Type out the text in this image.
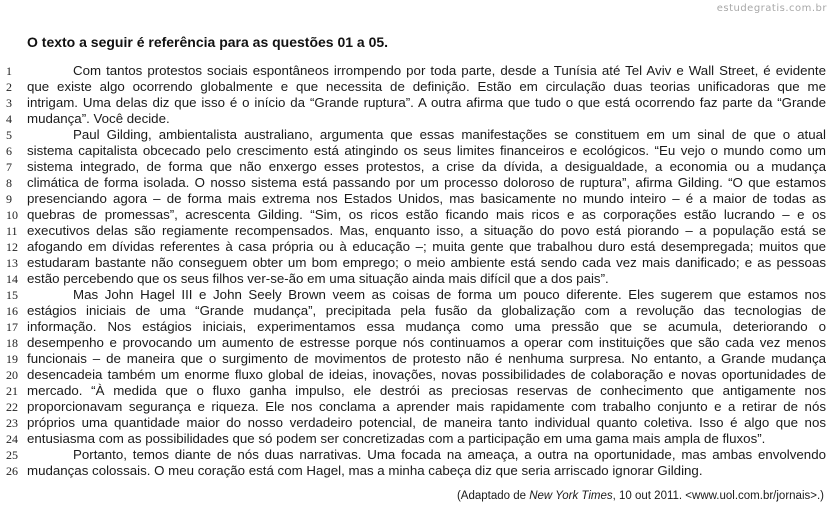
estudegratis.com.br
O texto a seguir é referência para as questões 01 a 05.
1
2
3
4
5
6
7
8
9
10
11
12
13
14
15
16
17
18
19
20
21
22
23
24
25
26
Com tantos protestos sociais espontâneos irrompendo por toda parte, desde a Tunísia até Tel Aviv e Wall Street, é evidente
que existe algo ocorrendo globalmente e que necessita de definição. Estão em circulação duas teorias unificadoras que me
intrigam. Uma delas diz que isso é o início da “Grande ruptura”. A outra afirma que tudo o que está ocorrendo faz parte da “Grande
mudança”. Você decide.
Paul Gilding, ambientalista australiano, argumenta que essas manifestações se constituem em um sinal de que o atual
sistema capitalista obcecado pelo crescimento está atingindo os seus limites financeiros e ecológicos. “Eu vejo o mundo como um
sistema integrado, de forma que não enxergo esses protestos, a crise da dívida, a desigualdade, a economia ou a mudança
climática de forma isolada. O nosso sistema está passando por um processo doloroso de ruptura”, afirma Gilding. “O que estamos
presenciando agora – de forma mais extrema nos Estados Unidos, mas basicamente no mundo inteiro – é a maior de todas as
quebras de promessas”, acrescenta Gilding. “Sim, os ricos estão ficando mais ricos e as corporações estão lucrando – e os
executivos delas são regiamente recompensados. Mas, enquanto isso, a situação do povo está piorando – a população está se
afogando em dívidas referentes à casa própria ou à educação –; muita gente que trabalhou duro está desempregada; muitos que
estudaram bastante não conseguem obter um bom emprego; o meio ambiente está sendo cada vez mais danificado; e as pessoas
estão percebendo que os seus filhos ver-se-ão em uma situação ainda mais difícil que a dos pais”.
Mas John Hagel III e John Seely Brown veem as coisas de forma um pouco diferente. Eles sugerem que estamos nos
estágios iniciais de uma “Grande mudança”, precipitada pela fusão da globalização com a revolução das tecnologias de
informação. Nos estágios iniciais, experimentamos essa mudança como uma pressão que se acumula, deteriorando o
desempenho e provocando um aumento de estresse porque nós continuamos a operar com instituições que são cada vez menos
funcionais – de maneira que o surgimento de movimentos de protesto não é nenhuma surpresa. No entanto, a Grande mudança
desencadeia também um enorme fluxo global de ideias, inovações, novas possibilidades de colaboração e novas oportunidades de
mercado. “À medida que o fluxo ganha impulso, ele destrói as preciosas reservas de conhecimento que antigamente nos
proporcionavam segurança e riqueza. Ele nos conclama a aprender mais rapidamente com trabalho conjunto e a retirar de nós
próprios uma quantidade maior do nosso verdadeiro potencial, de maneira tanto individual quanto coletiva. Isso é algo que nos
entusiasma com as possibilidades que só podem ser concretizadas com a participação em uma gama mais ampla de fluxos”.
Portanto, temos diante de nós duas narrativas. Uma focada na ameaça, a outra na oportunidade, mas ambas envolvendo
mudanças colossais. O meu coração está com Hagel, mas a minha cabeça diz que seria arriscado ignorar Gilding.
(Adaptado de New York Times, 10 out 2011. <www.uol.com.br/jornais>.)
